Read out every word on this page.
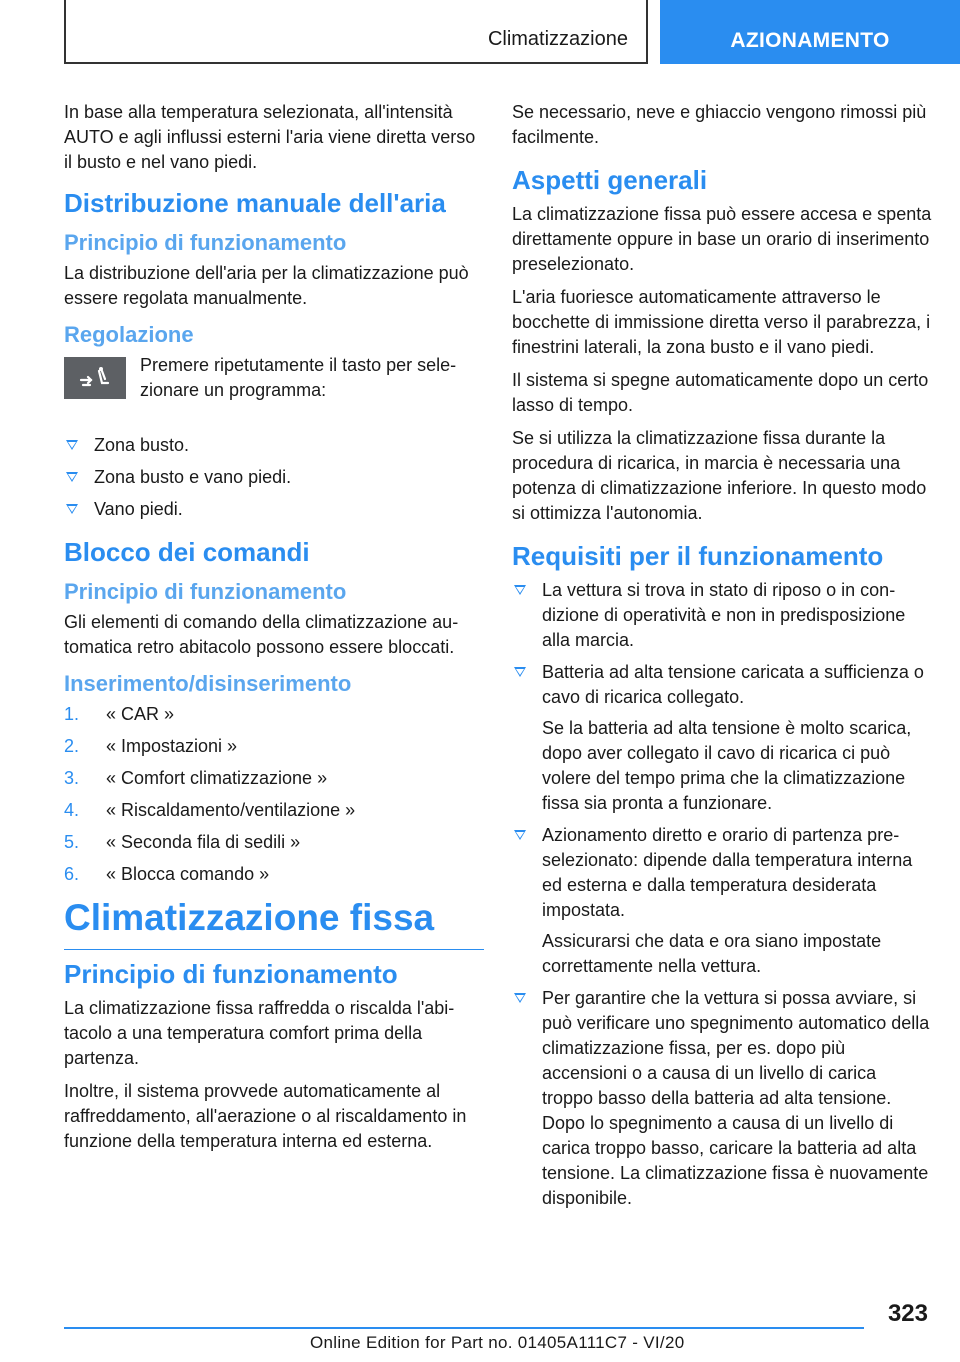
Climatizzazione	AZIONAMENTO

In base alla temperatura selezionata, all'intensità AUTO e agli influssi esterni l'aria viene diretta verso il busto e nel vano piedi.

Distribuzione manuale dell'aria
Principio di funzionamento

La distribuzione dell'aria per la climatizzazione può essere regolata manualmente.

Regolazione
Premere ripetutamente il tasto per selezionare un programma:
Zona busto.
Zona busto e vano piedi.
Vano piedi.
Blocco dei comandi
Principio di funzionamento

Gli elementi di comando della climatizzazione automatica retro abitacolo possono essere bloccati.

Inserimento/disinserimento
1. « CAR »
2. « Impostazioni »
3. « Comfort climatizzazione »
4. « Riscaldamento/ventilazione »
5. « Seconda fila di sedili »
6. « Blocca comando »
Climatizzazione fissa
Principio di funzionamento

La climatizzazione fissa raffredda o riscalda l'abitacolo a una temperatura comfort prima della partenza.

Inoltre, il sistema provvede automaticamente al raffreddamento, all'aerazione o al riscaldamento in funzione della temperatura interna ed esterna.

Se necessario, neve e ghiaccio vengono rimossi più facilmente.

Aspetti generali

La climatizzazione fissa può essere accesa e spenta direttamente oppure in base un orario di inserimento preselezionato.

L'aria fuoriesce automaticamente attraverso le bocchette di immissione diretta verso il parabrezza, i finestrini laterali, la zona busto e il vano piedi.

Il sistema si spegne automaticamente dopo un certo lasso di tempo.

Se si utilizza la climatizzazione fissa durante la procedura di ricarica, in marcia è necessaria una potenza di climatizzazione inferiore. In questo modo si ottimizza l'autonomia.

Requisiti per il funzionamento
La vettura si trova in stato di riposo o in condizione di operatività e non in predisposizione alla marcia.
Batteria ad alta tensione caricata a sufficienza o cavo di ricarica collegato.

Se la batteria ad alta tensione è molto scarica, dopo aver collegato il cavo di ricarica ci può volere del tempo prima che la climatizzazione fissa sia pronta a funzionare.

Azionamento diretto e orario di partenza preselezionato: dipende dalla temperatura interna ed esterna e dalla temperatura desiderata impostata.

Assicurarsi che data e ora siano impostate correttamente nella vettura.

Per garantire che la vettura si possa avviare, si può verificare uno spegnimento automatico della climatizzazione fissa, per es. dopo più accensioni o a causa di un livello di carica troppo basso della batteria ad alta tensione. Dopo lo spegnimento a causa di un livello di carica troppo basso, caricare la batteria ad alta tensione. La climatizzazione fissa è nuovamente disponibile.
323
Online Edition for Part no. 01405A111C7 - VI/20
